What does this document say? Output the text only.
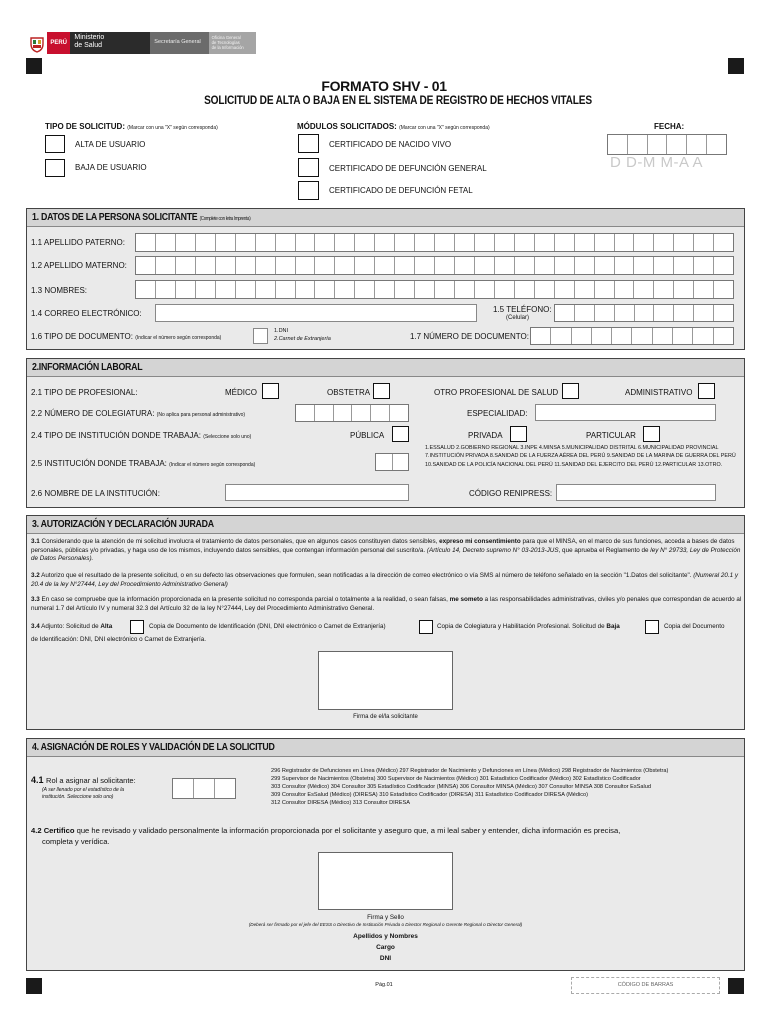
PERÚ
Ministerio
de Salud	Secretaría General
Oficina General
de Tecnologías
de la Información
FORMATO SHV - 01
SOLICITUD DE ALTA O BAJA EN EL SISTEMA DE REGISTRO DE HECHOS VITALES
TIPO DE SOLICITUD: (Marcar con una "X" según corresponda)
ALTA DE USUARIO
BAJA DE USUARIO
MÓDULOS SOLICITADOS: (Marcar con una "X" según corresponda)
CERTIFICADO DE NACIDO VIVO
CERTIFICADO DE DEFUNCIÓN GENERAL
CERTIFICADO DE DEFUNCIÓN FETAL
FECHA:
D D-M M-A A
1. DATOS DE LA PERSONA SOLICITANTE (Complete con letra Imprenta)
1.1 APELLIDO PATERNO:
1.2 APELLIDO MATERNO:
1.3 NOMBRES:
1.4 CORREO ELECTRÓNICO:	1.5 TELÉFONO:
(Celular)
1.6 TIPO DE DOCUMENTO: (Indicar el número según corresponda)
1.DNI
2.Carnet de Extranjería	1.7 NÚMERO DE DOCUMENTO:
2.INFORMACIÓN LABORAL
2.1 TIPO DE PROFESIONAL:	MÉDICO	OBSTETRA	OTRO PROFESIONAL DE SALUD	ADMINISTRATIVO
2.2 NÚMERO DE COLEGIATURA: (No aplica para personal administrativo)	ESPECIALIDAD:
2.4 TIPO DE INSTITUCIÓN DONDE TRABAJA: (Seleccione solo uno)	PÚBLICA	PRIVADA	PARTICULAR
2.5 INSTITUCIÓN DONDE TRABAJA: (Indicar el número según corresponda)
1.ESSALUD 2.GOBIERNO REGIONAL 3.INPE 4.MINSA 5.MUNICIPALIDAD DISTRITAL 6.MUNICIPALIDAD PROVINCIAL 7.INSTITUCIÓN PRIVADA 8.SANIDAD DE LA FUERZA AÉREA DEL PERÚ 9.SANIDAD DE LA MARINA DE GUERRA DEL PERÚ 10.SANIDAD DE LA POLICÍA NACIONAL DEL PERÚ 11.SANIDAD DEL EJERCITO DEL PERÚ 12.PARTICULAR 13.OTRO.
2.6 NOMBRE DE LA INSTITUCIÓN:	CÓDIGO RENIPRESS:
3. AUTORIZACIÓN Y DECLARACIÓN JURADA
3.1 Considerando que la atención de mi solicitud involucra el tratamiento de datos personales, que en algunos casos constituyen datos sensibles, expreso mi consentimiento para que el MINSA, en el marco de sus funciones, acceda a bases de datos personales, públicas y/o privadas, y haga uso de los mismos, incluyendo datos sensibles, que contengan información personal del suscrito/a. (Artículo 14, Decreto supremo N° 03-2013-JUS, que aprueba el Reglamento de ley N° 29733, Ley de Protección de Datos Personales).
3.2 Autorizo que el resultado de la presente solicitud, o en su defecto las observaciones que formulen, sean notificadas a la dirección de correo electrónico o vía SMS al número de teléfono señalado en la sección "1.Datos del solicitante". (Numeral 20.1 y 20.4 de la ley N°27444, Ley del Procedimiento Administrativo General)
3.3 En caso se compruebe que la información proporcionada en la presente solicitud no corresponda parcial o totalmente a la realidad, o sean falsas, me someto a las responsabilidades administrativas, civiles y/o penales que correspondan de acuerdo al numeral 1.7 del Artículo IV y numeral 32.3 del Artículo 32 de la ley N°27444, Ley del Procedimiento Administrativo General.
3.4 Adjunto: Solicitud de Alta	Copia de Documento de Identificación (DNI, DNI electrónico o Carnet de Extranjería)	Copia de Colegiatura y Habilitación Profesional. Solicitud de Baja	Copia del Documento
de Identificación: DNI, DNI electrónico o Carnet de Extranjería.
Firma de el/la solicitante
4. ASIGNACIÓN DE ROLES Y VALIDACIÓN DE LA SOLICITUD
4.1 Rol a asignar al solicitante:
(A ser llenado por el estadístico de la
institución. Seleccione solo uno)
296 Registrador de Defunciones en Línea (Médico) 297 Registrador de Nacimiento y Defunciones en Línea (Médico) 298 Registrador de Nacimientos (Obstetra)
299 Supervisor de Nacimientos (Obstetra) 300 Supervisor de Nacimientos (Médico) 301 Estadístico Codificador (Médico) 302 Estadístico Codificador
303 Consultor (Médico) 304 Consultor 305 Estadístico Codificador (MINSA) 306 Consultor MINSA (Médico) 307 Consultor MINSA 308 Consultor EsSalud
309 Consultor EsSalud (Médico) (DIRESA) 310 Estadístico Codificador (DIRESA) 311 Estadístico Codificador DIRESA (Médico)
312 Consultor DIRESA (Médico) 313 Consultor DIRESA
4.2 Certifico que he revisado y validado personalmente la información proporcionada por el solicitante y aseguro que, a mi leal saber y entender, dicha información es precisa,
completa y verídica.
Firma y Sello
(Deberá ser firmado por el jefe del EESS o Directivo de Institución Privada o Director Regional o Gerente Regional o Director General)
Apellidos y Nombres
Cargo
DNI
Pág.01	CÓDIGO DE BARRAS
